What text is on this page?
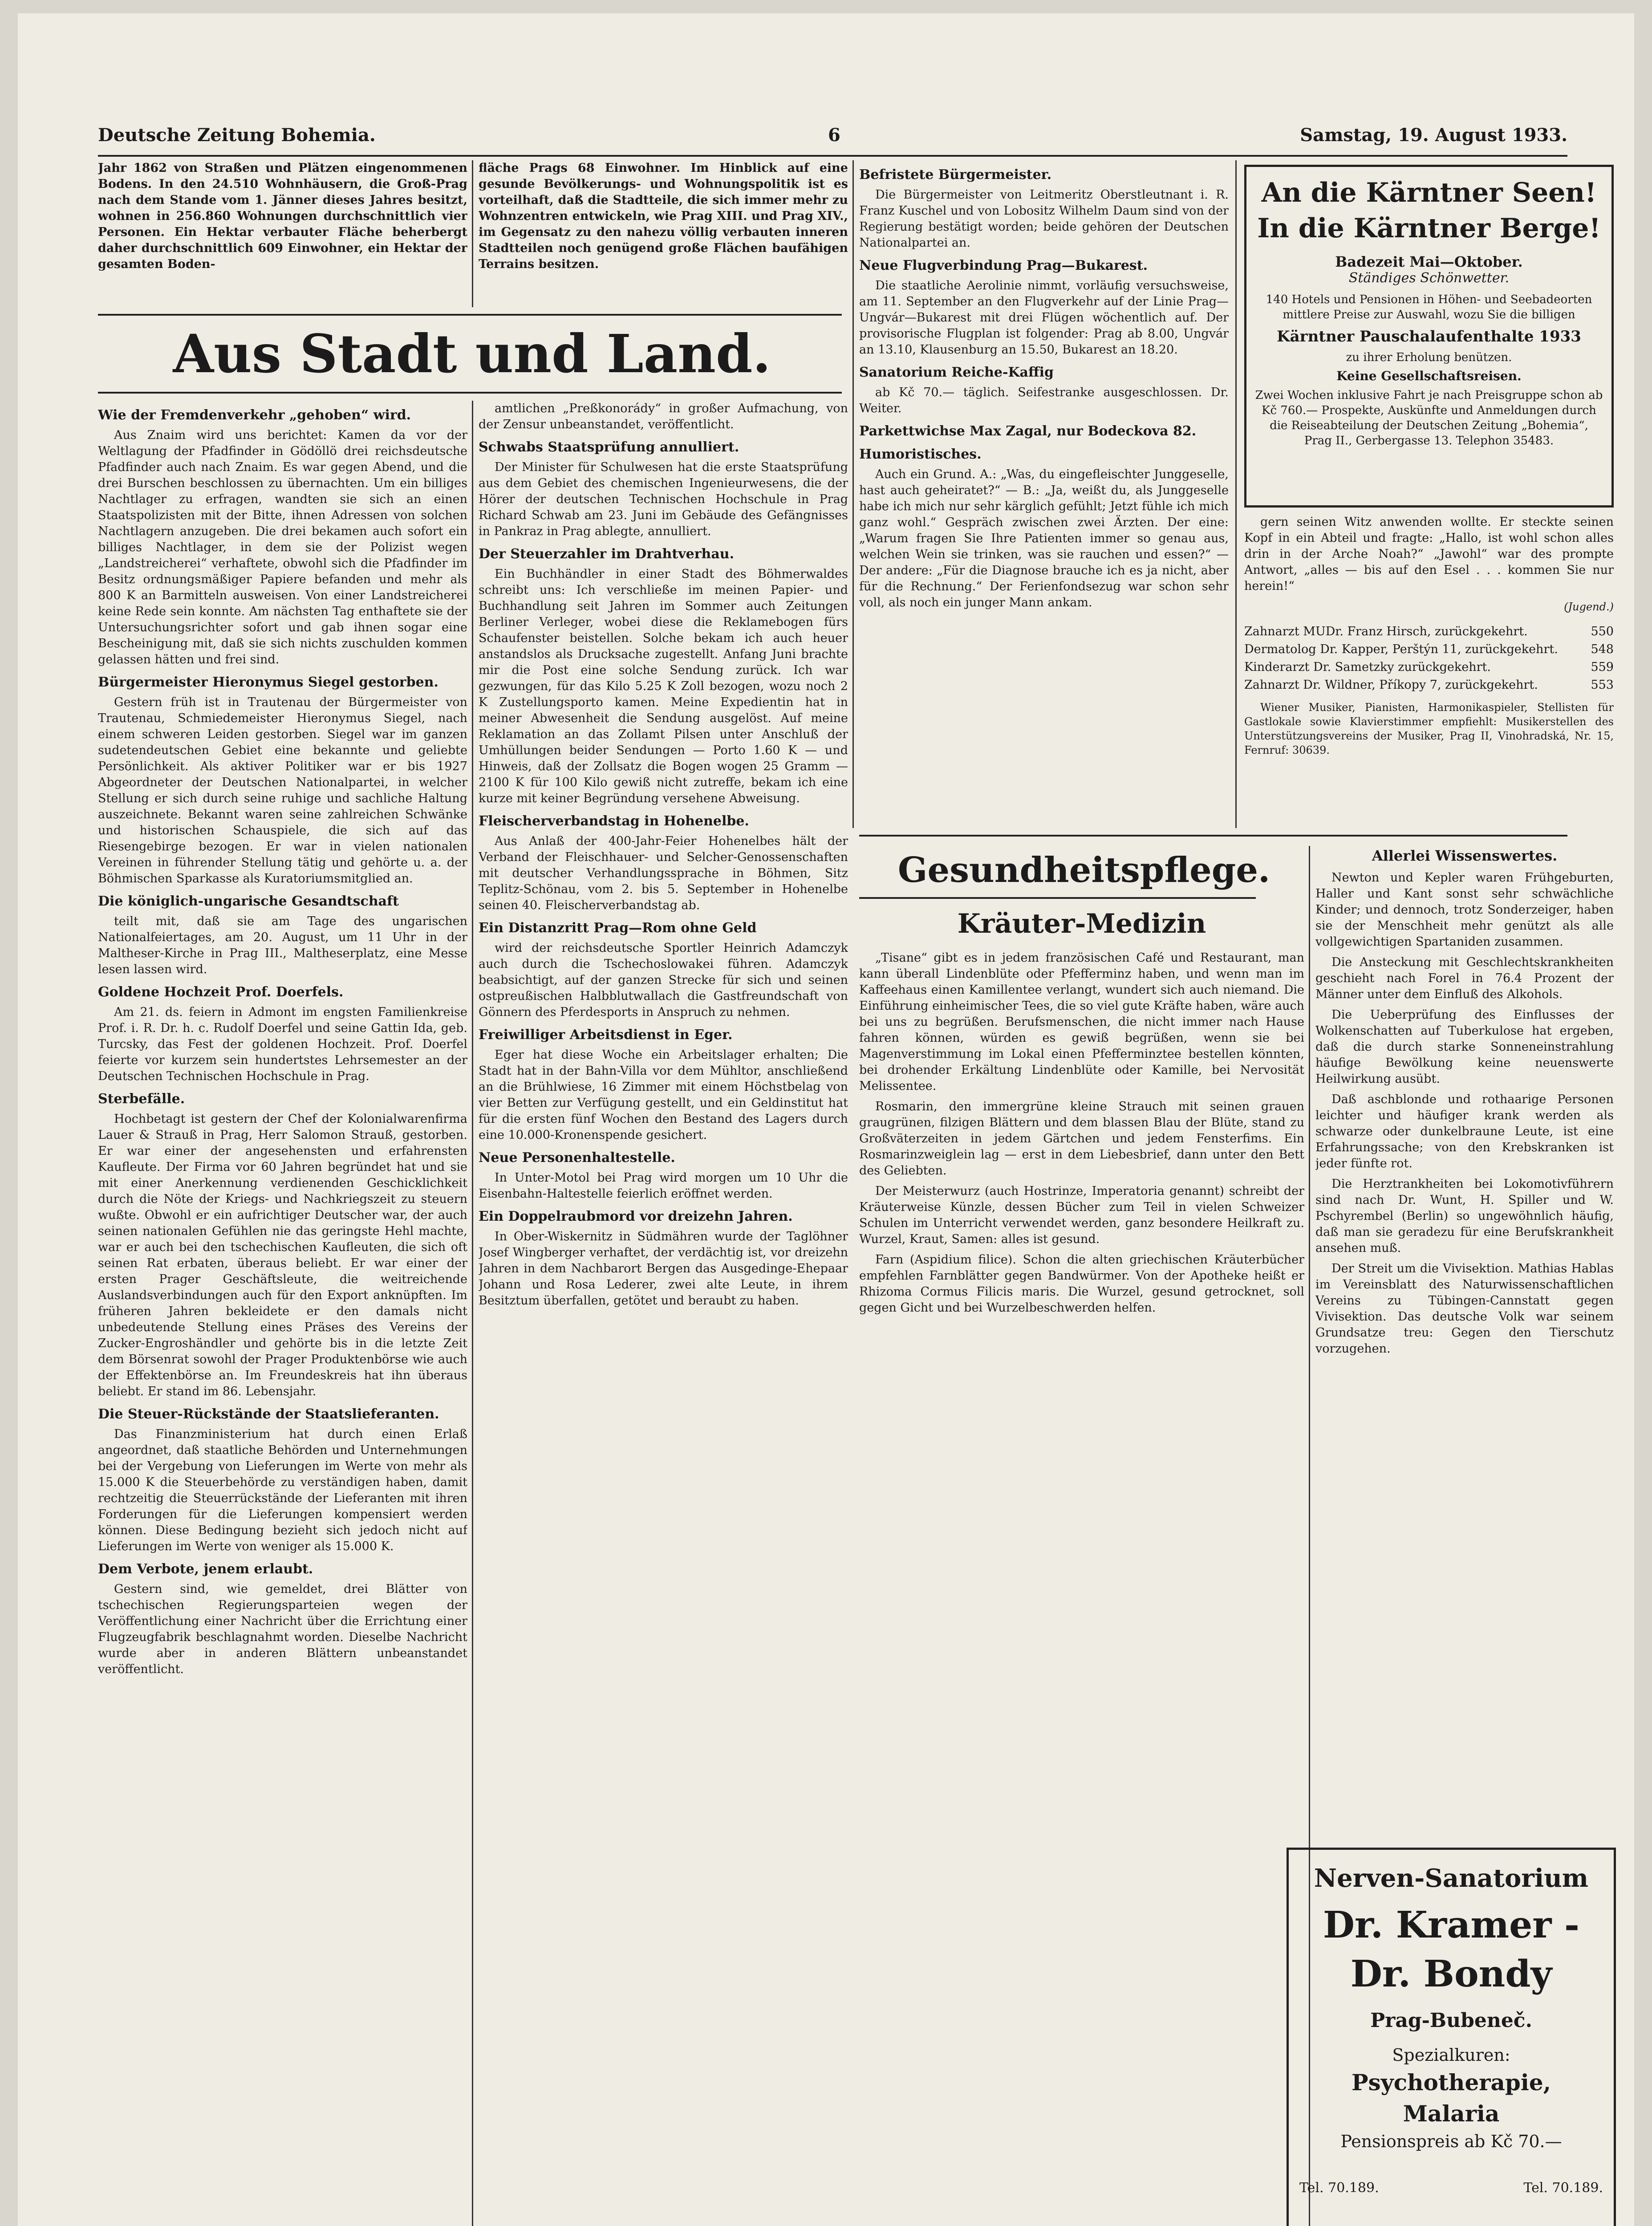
Deutsche Zeitung Bohemia.	6	Samstag, 19. August 1933.
Jahr 1862 von Straßen und Plätzen eingenommenen Bodens. In den 24.510 Wohnhäusern, die Groß-Prag nach dem Stande vom 1. Jänner dieses Jahres besitzt, wohnen in 256.860 Wohnungen durchschnittlich vier Personen. Ein Hektar verbauter Fläche beherbergt daher durchschnittlich 609 Einwohner, ein Hektar der gesamten Boden-
fläche Prags 68 Einwohner. Im Hinblick auf eine gesunde Bevölkerungs- und Wohnungspolitik ist es vorteilhaft, daß die Stadtteile, die sich immer mehr zu Wohnzentren entwickeln, wie Prag XIII. und Prag XIV., im Gegensatz zu den nahezu völlig verbauten inneren Stadtteilen noch genügend große Flächen baufähigen Terrains besitzen.
Aus Stadt und Land.
Wie der Fremdenverkehr „gehoben“ wird.

Aus Znaim wird uns berichtet: Kamen da vor der Weltlagung der Pfadfinder in Gödöllö drei reichsdeutsche Pfadfinder auch nach Znaim. Es war gegen Abend, und die drei Burschen beschlossen zu übernachten. Um ein billiges Nachtlager zu erfragen, wandten sie sich an einen Staatspolizisten mit der Bitte, ihnen Adressen von solchen Nachtlagern anzugeben. Die drei bekamen auch sofort ein billiges Nachtlager, in dem sie der Polizist wegen „Landstreicherei“ verhaftete, obwohl sich die Pfadfinder im Besitz ordnungsmäßiger Papiere befanden und mehr als 800 K an Barmitteln ausweisen. Von einer Landstreicherei keine Rede sein konnte. Am nächsten Tag enthaftete sie der Untersuchungsrichter sofort und gab ihnen sogar eine Bescheinigung mit, daß sie sich nichts zuschulden kommen gelassen hätten und frei sind.

Bürgermeister Hieronymus Siegel gestorben.

Gestern früh ist in Trautenau der Bürgermeister von Trautenau, Schmiedemeister Hieronymus Siegel, nach einem schweren Leiden gestorben. Siegel war im ganzen sudetendeutschen Gebiet eine bekannte und geliebte Persönlichkeit. Als aktiver Politiker war er bis 1927 Abgeordneter der Deutschen Nationalpartei, in welcher Stellung er sich durch seine ruhige und sachliche Haltung auszeichnete. Bekannt waren seine zahlreichen Schwänke und historischen Schauspiele, die sich auf das Riesengebirge bezogen. Er war in vielen nationalen Vereinen in führender Stellung tätig und gehörte u. a. der Böhmischen Sparkasse als Kuratoriumsmitglied an.

Die königlich-ungarische Gesandtschaft

teilt mit, daß sie am Tage des ungarischen Nationalfeiertages, am 20. August, um 11 Uhr in der Maltheser-Kirche in Prag III., Maltheserplatz, eine Messe lesen lassen wird.

Goldene Hochzeit Prof. Doerfels.

Am 21. ds. feiern in Admont im engsten Familienkreise Prof. i. R. Dr. h. c. Rudolf Doerfel und seine Gattin Ida, geb. Turcsky, das Fest der goldenen Hochzeit. Prof. Doerfel feierte vor kurzem sein hundertstes Lehrsemester an der Deutschen Technischen Hochschule in Prag.

Sterbefälle.

Hochbetagt ist gestern der Chef der Kolonialwarenfirma Lauer & Strauß in Prag, Herr Salomon Strauß, gestorben. Er war einer der angesehensten und erfahrensten Kaufleute. Der Firma vor 60 Jahren begründet hat und sie mit einer Anerkennung verdienenden Geschicklichkeit durch die Nöte der Kriegs- und Nachkriegszeit zu steuern wußte. Obwohl er ein aufrichtiger Deutscher war, der auch seinen nationalen Gefühlen nie das geringste Hehl machte, war er auch bei den tschechischen Kaufleuten, die sich oft seinen Rat erbaten, überaus beliebt. Er war einer der ersten Prager Geschäftsleute, die weitreichende Auslandsverbindungen auch für den Export anknüpften. Im früheren Jahren bekleidete er den damals nicht unbedeutende Stellung eines Präses des Vereins der Zucker-Engroshändler und gehörte bis in die letzte Zeit dem Börsenrat sowohl der Prager Produktenbörse wie auch der Effektenbörse an. Im Freundeskreis hat ihn überaus beliebt. Er stand im 86. Lebensjahr.

Die Steuer-Rückstände der Staatslieferanten.

Das Finanzministerium hat durch einen Erlaß angeordnet, daß staatliche Behörden und Unternehmungen bei der Vergebung von Lieferungen im Werte von mehr als 15.000 K die Steuerbehörde zu verständigen haben, damit rechtzeitig die Steuerrückstände der Lieferanten mit ihren Forderungen für die Lieferungen kompensiert werden können. Diese Bedingung bezieht sich jedoch nicht auf Lieferungen im Werte von weniger als 15.000 K.

Dem Verbote, jenem erlaubt.

Gestern sind, wie gemeldet, drei Blätter von tschechischen Regierungsparteien wegen der Veröffentlichung einer Nachricht über die Errichtung einer Flugzeugfabrik beschlagnahmt worden. Dieselbe Nachricht wurde aber in anderen Blättern unbeanstandet veröffentlicht.

amtlichen „Preßkonorády“ in großer Aufmachung, von der Zensur unbeanstandet, veröffentlicht.

Schwabs Staatsprüfung annulliert.

Der Minister für Schulwesen hat die erste Staatsprüfung aus dem Gebiet des chemischen Ingenieurwesens, die der Hörer der deutschen Technischen Hochschule in Prag Richard Schwab am 23. Juni im Gebäude des Gefängnisses in Pankraz in Prag ablegte, annulliert.

Der Steuerzahler im Drahtverhau.

Ein Buchhändler in einer Stadt des Böhmerwaldes schreibt uns: Ich verschließe im meinen Papier- und Buchhandlung seit Jahren im Sommer auch Zeitungen Berliner Verleger, wobei diese die Reklamebogen fürs Schaufenster beistellen. Solche bekam ich auch heuer anstandslos als Drucksache zugestellt. Anfang Juni brachte mir die Post eine solche Sendung zurück. Ich war gezwungen, für das Kilo 5.25 K Zoll bezogen, wozu noch 2 K Zustellungsporto kamen. Meine Expedientin hat in meiner Abwesenheit die Sendung ausgelöst. Auf meine Reklamation an das Zollamt Pilsen unter Anschluß der Umhüllungen beider Sendungen — Porto 1.60 K — und Hinweis, daß der Zollsatz die Bogen wogen 25 Gramm — 2100 K für 100 Kilo gewiß nicht zutreffe, bekam ich eine kurze mit keiner Begründung versehene Abweisung.

Fleischerverbandstag in Hohenelbe.

Aus Anlaß der 400-Jahr-Feier Hohenelbes hält der Verband der Fleischhauer- und Selcher-Genossenschaften mit deutscher Verhandlungssprache in Böhmen, Sitz Teplitz-Schönau, vom 2. bis 5. September in Hohenelbe seinen 40. Fleischerverbandstag ab.

Ein Distanzritt Prag—Rom ohne Geld

wird der reichsdeutsche Sportler Heinrich Adamczyk auch durch die Tschechoslowakei führen. Adamczyk beabsichtigt, auf der ganzen Strecke für sich und seinen ostpreußischen Halbblutwallach die Gastfreundschaft von Gönnern des Pferdesports in Anspruch zu nehmen.

Freiwilliger Arbeitsdienst in Eger.

Eger hat diese Woche ein Arbeitslager erhalten; Die Stadt hat in der Bahn-Villa vor dem Mühltor, anschließend an die Brühlwiese, 16 Zimmer mit einem Höchstbelag von vier Betten zur Verfügung gestellt, und ein Geldinstitut hat für die ersten fünf Wochen den Bestand des Lagers durch eine 10.000-Kronenspende gesichert.

Neue Personenhaltestelle.

In Unter-Motol bei Prag wird morgen um 10 Uhr die Eisenbahn-Haltestelle feierlich eröffnet werden.

Ein Doppelraubmord vor dreizehn Jahren.

In Ober-Wiskernitz in Südmähren wurde der Taglöhner Josef Wingberger verhaftet, der verdächtig ist, vor dreizehn Jahren in dem Nachbarort Bergen das Ausgedinge-Ehepaar Johann und Rosa Lederer, zwei alte Leute, in ihrem Besitztum überfallen, getötet und beraubt zu haben.

Befristete Bürgermeister.

Die Bürgermeister von Leitmeritz Oberstleutnant i. R. Franz Kuschel und von Lobositz Wilhelm Daum sind von der Regierung bestätigt worden; beide gehören der Deutschen Nationalpartei an.

Neue Flugverbindung Prag—Bukarest.

Die staatliche Aerolinie nimmt, vorläufig versuchsweise, am 11. September an den Flugverkehr auf der Linie Prag—Ungvár—Bukarest mit drei Flügen wöchentlich auf. Der provisorische Flugplan ist folgender: Prag ab 8.00, Ungvár an 13.10, Klausenburg an 15.50, Bukarest an 18.20.

Sanatorium Reiche-Kaffig

ab Kč 70.— täglich. Seifestranke ausgeschlossen. Dr. Weiter.

Parkettwichse Max Zagal, nur Bodeckova 82.
Humoristisches.

Auch ein Grund. A.: „Was, du eingefleischter Junggeselle, hast auch geheiratet?“ — B.: „Ja, weißt du, als Junggeselle habe ich mich nur sehr kärglich gefühlt; Jetzt fühle ich mich ganz wohl.“ Gespräch zwischen zwei Ärzten. Der eine: „Warum fragen Sie Ihre Patienten immer so genau aus, welchen Wein sie trinken, was sie rauchen und essen?“ — Der andere: „Für die Diagnose brauche ich es ja nicht, aber für die Rechnung.“ Der Ferienfondsezug war schon sehr voll, als noch ein junger Mann ankam.

An die Kärntner Seen!
In die Kärntner Berge!
Badezeit Mai—Oktober.
Ständiges Schönwetter.
140 Hotels und Pensionen in Höhen- und Seebadeorten mittlere Preise zur Auswahl, wozu Sie die billigen
Kärntner Pauschalaufenthalte 1933
zu ihrer Erholung benützen.
Keine Gesellschaftsreisen.
Zwei Wochen inklusive Fahrt je nach Preisgruppe schon ab Kč 760.— Prospekte, Auskünfte und Anmeldungen durch die Reiseabteilung der Deutschen Zeitung „Bohemia“, Prag II., Gerbergasse 13. Telephon 35483.

gern seinen Witz anwenden wollte. Er steckte seinen Kopf in ein Abteil und fragte: „Hallo, ist wohl schon alles drin in der Arche Noah?“ „Jawohl“ war des prompte Antwort, „alles — bis auf den Esel . . . kommen Sie nur herein!“

(Jugend.)
Zahnarzt MUDr. Franz Hirsch, zurückgekehrt.	550
Dermatolog Dr. Kapper, Perštýn 11, zurückgekehrt.	548
Kinderarzt Dr. Sametzky zurückgekehrt.	559
Zahnarzt Dr. Wildner, Příkopy 7, zurückgekehrt.	553

Wiener Musiker, Pianisten, Harmonikaspieler, Stellisten für Gastlokale sowie Klavierstimmer empfiehlt: Musikerstellen des Unterstützungsvereins der Musiker, Prag II, Vinohradská, Nr. 15, Fernruf: 30639.

Gesundheitspflege.
Kräuter-Medizin

„Tisane“ gibt es in jedem französischen Café und Restaurant, man kann überall Lindenblüte oder Pfefferminz haben, und wenn man im Kaffeehaus einen Kamillentee verlangt, wundert sich auch niemand. Die Einführung einheimischer Tees, die so viel gute Kräfte haben, wäre auch bei uns zu begrüßen. Berufsmenschen, die nicht immer nach Hause fahren können, würden es gewiß begrüßen, wenn sie bei Magenverstimmung im Lokal einen Pfefferminztee bestellen könnten, bei drohender Erkältung Lindenblüte oder Kamille, bei Nervosität Melissentee.

Rosmarin, den immergrüne kleine Strauch mit seinen grauen graugrünen, filzigen Blättern und dem blassen Blau der Blüte, stand zu Großväterzeiten in jedem Gärtchen und jedem Fensterfims. Ein Rosmarinzweiglein lag — erst in dem Liebesbrief, dann unter den Bett des Geliebten.

Der Meisterwurz (auch Hostrinze, Imperatoria genannt) schreibt der Kräuterweise Künzle, dessen Bücher zum Teil in vielen Schweizer Schulen im Unterricht verwendet werden, ganz besondere Heilkraft zu. Wurzel, Kraut, Samen: alles ist gesund.

Farn (Aspidium filice). Schon die alten griechischen Kräuterbücher empfehlen Farnblätter gegen Bandwürmer. Von der Apotheke heißt er Rhizoma Cormus Filicis maris. Die Wurzel, gesund getrocknet, soll gegen Gicht und bei Wurzelbeschwerden helfen.

Allerlei Wissenswertes.

Newton und Kepler waren Frühgeburten, Haller und Kant sonst sehr schwächliche Kinder; und dennoch, trotz Sonderzeiger, haben sie der Menschheit mehr genützt als alle vollgewichtigen Spartaniden zusammen.

Die Ansteckung mit Geschlechtskrankheiten geschieht nach Forel in 76.4 Prozent der Männer unter dem Einfluß des Alkohols.

Die Ueberprüfung des Einflusses der Wolkenschatten auf Tuberkulose hat ergeben, daß die durch starke Sonneneinstrahlung häufige Bewölkung keine neuenswerte Heilwirkung ausübt.

Daß aschblonde und rothaarige Personen leichter und häufiger krank werden als schwarze oder dunkelbraune Leute, ist eine Erfahrungssache; von den Krebskranken ist jeder fünfte rot.

Die Herztrankheiten bei Lokomotivführern sind nach Dr. Wunt, H. Spiller und W. Pschyrembel (Berlin) so ungewöhnlich häufig, daß man sie geradezu für eine Berufskrankheit ansehen muß.

Der Streit um die Vivisektion. Mathias Hablas im Vereinsblatt des Naturwissenschaftlichen Vereins zu Tübingen-Cannstatt gegen Vivisektion. Das deutsche Volk war seinem Grundsatze treu: Gegen den Tierschutz vorzugehen.

Nerven-Sanatorium
Dr. Kramer - Dr. Bondy
Prag-Bubeneč.
Spezialkuren:
Psychotherapie, Malaria
Pensionspreis ab Kč 70.—
Tel. 70.189.	Tel. 70.189.
